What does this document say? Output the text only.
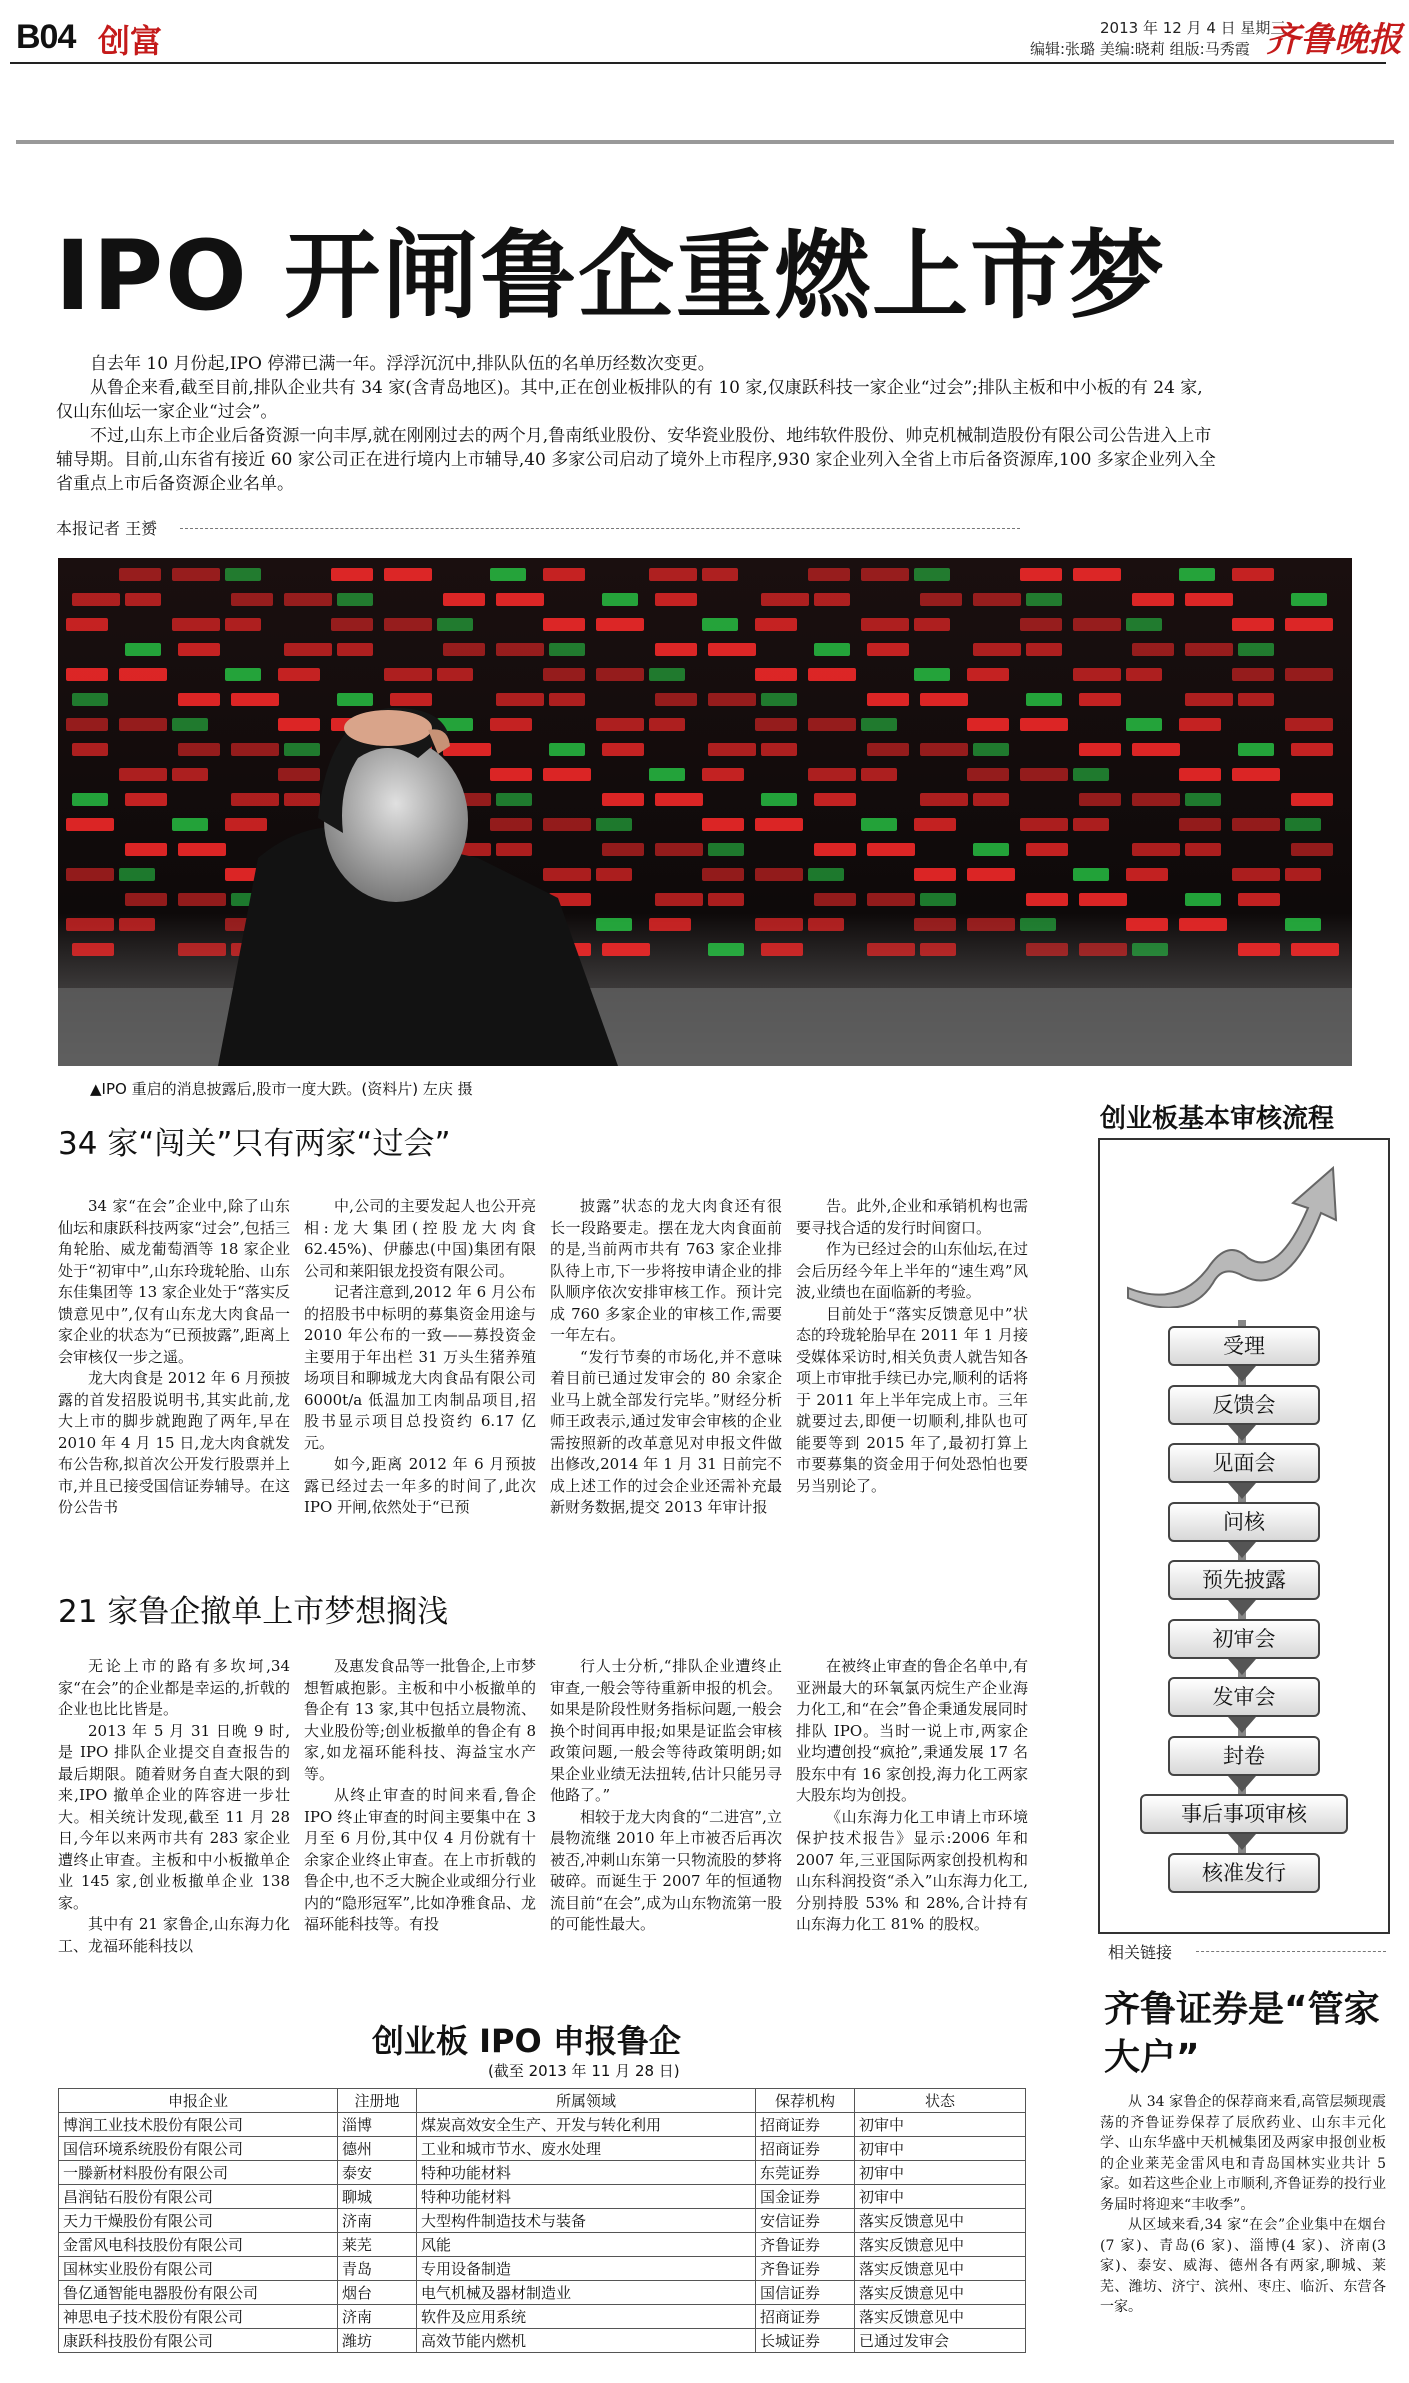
B04 创富	2013 年 12 月 4 日 星期三
编辑:张璐 美编:晓莉 组版:马秀霞 齐鲁晚报
IPO 开闸鲁企重燃上市梦

自去年 10 月份起,IPO 停滞已满一年。浮浮沉沉中,排队队伍的名单历经数次变更。

从鲁企来看,截至目前,排队企业共有 34 家(含青岛地区)。其中,正在创业板排队的有 10 家,仅康跃科技一家企业“过会”;排队主板和中小板的有 24 家,仅山东仙坛一家企业“过会”。

不过,山东上市企业后备资源一向丰厚,就在刚刚过去的两个月,鲁南纸业股份、安华瓷业股份、地纬软件股份、帅克机械制造股份有限公司公告进入上市辅导期。目前,山东省有接近 60 家公司正在进行境内上市辅导,40 多家公司启动了境外上市程序,930 家企业列入全省上市后备资源库,100 多家企业列入全省重点上市后备资源企业名单。

本报记者 王赟
▲IPO 重启的消息披露后,股市一度大跌。(资料片) 左庆 摄
34 家“闯关”只有两家“过会”

34 家“在会”企业中,除了山东仙坛和康跃科技两家“过会”,包括三角轮胎、威龙葡萄酒等 18 家企业处于“初审中”,山东玲珑轮胎、山东东佳集团等 13 家企业处于“落实反馈意见中”,仅有山东龙大肉食品一家企业的状态为“已预披露”,距离上会审核仅一步之遥。

龙大肉食是 2012 年 6 月预披露的首发招股说明书,其实此前,龙大上市的脚步就跑跑了两年,早在 2010 年 4 月 15 日,龙大肉食就发布公告称,拟首次公开发行股票并上市,并且已接受国信证券辅导。在这份公告书

中,公司的主要发起人也公开亮相:龙大集团(控股龙大肉食 62.45%)、伊藤忠(中国)集团有限公司和莱阳银龙投资有限公司。

记者注意到,2012 年 6 月公布的招股书中标明的募集资金用途与 2010 年公布的一致——募投资金主要用于年出栏 31 万头生猪养殖场项目和聊城龙大肉食品有限公司 6000t/a 低温加工肉制品项目,招股书显示项目总投资约 6.17 亿元。

如今,距离 2012 年 6 月预披露已经过去一年多的时间了,此次 IPO 开闸,依然处于“已预

披露”状态的龙大肉食还有很长一段路要走。摆在龙大肉食面前的是,当前两市共有 763 家企业排队待上市,下一步将按申请企业的排队顺序依次安排审核工作。预计完成 760 多家企业的审核工作,需要一年左右。

“发行节奏的市场化,并不意味着目前已通过发审会的 80 余家企业马上就全部发行完毕。”财经分析师王政表示,通过发审会审核的企业需按照新的改革意见对申报文件做出修改,2014 年 1 月 31 日前完不成上述工作的过会企业还需补充最新财务数据,提交 2013 年审计报

告。此外,企业和承销机构也需要寻找合适的发行时间窗口。

作为已经过会的山东仙坛,在过会后历经今年上半年的“速生鸡”风波,业绩也在面临新的考验。

目前处于“落实反馈意见中”状态的玲珑轮胎早在 2011 年 1 月接受媒体采访时,相关负责人就告知各项上市审批手续已办完,顺利的话将于 2011 年上半年完成上市。三年就要过去,即便一切顺利,排队也可能要等到 2015 年了,最初打算上市要募集的资金用于何处恐怕也要另当别论了。

21 家鲁企撤单上市梦想搁浅

无论上市的路有多坎坷,34 家“在会”的企业都是幸运的,折戟的企业也比比皆是。

2013 年 5 月 31 日晚 9 时,是 IPO 排队企业提交自查报告的最后期限。随着财务自查大限的到来,IPO 撤单企业的阵容进一步壮大。相关统计发现,截至 11 月 28 日,今年以来两市共有 283 家企业遭终止审查。主板和中小板撤单企业 145 家,创业板撤单企业 138 家。

其中有 21 家鲁企,山东海力化工、龙福环能科技以

及惠发食品等一批鲁企,上市梦想暂戚抱影。主板和中小板撤单的鲁企有 13 家,其中包括立晨物流、大业股份等;创业板撤单的鲁企有 8 家,如龙福环能科技、海益宝水产等。

从终止审查的时间来看,鲁企 IPO 终止审查的时间主要集中在 3 月至 6 月份,其中仅 4 月份就有十余家企业终止审查。在上市折戟的鲁企中,也不乏大腕企业或细分行业内的“隐形冠军”,比如净雅食品、龙福环能科技等。有投

行人士分析,“排队企业遭终止审查,一般会等待重新申报的机会。如果是阶段性财务指标问题,一般会换个时间再申报;如果是证监会审核政策问题,一般会等待政策明朗;如果企业业绩无法扭转,估计只能另寻他路了。”

相较于龙大肉食的“二进宫”,立晨物流继 2010 年上市被否后再次被否,冲刺山东第一只物流股的梦将破碎。而诞生于 2007 年的恒通物流目前“在会”,成为山东物流第一股的可能性最大。

在被终止审查的鲁企名单中,有亚洲最大的环氧氯丙烷生产企业海力化工,和“在会”鲁企秉通发展同时排队 IPO。当时一说上市,两家企业均遭创投“疯抢”,秉通发展 17 名股东中有 16 家创投,海力化工两家大股东均为创投。

《山东海力化工申请上市环境保护技术报告》显示:2006 年和 2007 年,三亚国际两家创投机构和山东科润投资“杀入”山东海力化工,分别持股 53% 和 28%,合计持有山东海力化工 81% 的股权。

创业板基本审核流程
受理
反馈会
见面会
问核
预先披露
初审会
发审会
封卷
事后事项审核
核准发行
相关链接
齐鲁证券是“管家大户”

从 34 家鲁企的保荐商来看,高管层频现震荡的齐鲁证券保荐了辰欣药业、山东丰元化学、山东华盛中天机械集团及两家申报创业板的企业莱芜金雷风电和青岛国林实业共计 5 家。如若这些企业上市顺利,齐鲁证券的投行业务届时将迎来“丰收季”。

从区域来看,34 家“在会”企业集中在烟台(7 家)、青岛(6 家)、淄博(4 家)、济南(3 家)、泰安、威海、德州各有两家,聊城、莱芜、潍坊、济宁、滨州、枣庄、临沂、东营各一家。

创业板 IPO 申报鲁企
(截至 2013 年 11 月 28 日)
申报企业	注册地	所属领域	保荐机构	状态
博润工业技术股份有限公司	淄博	煤炭高效安全生产、开发与转化利用	招商证券	初审中
国信环境系统股份有限公司	德州	工业和城市节水、废水处理	招商证券	初审中
一滕新材料股份有限公司	泰安	特种功能材料	东莞证券	初审中
昌润钻石股份有限公司	聊城	特种功能材料	国金证券	初审中
天力干燥股份有限公司	济南	大型构件制造技术与装备	安信证券	落实反馈意见中
金雷风电科技股份有限公司	莱芜	风能	齐鲁证券	落实反馈意见中
国林实业股份有限公司	青岛	专用设备制造	齐鲁证券	落实反馈意见中
鲁亿通智能电器股份有限公司	烟台	电气机械及器材制造业	国信证券	落实反馈意见中
神思电子技术股份有限公司	济南	软件及应用系统	招商证券	落实反馈意见中
康跃科技股份有限公司	潍坊	高效节能内燃机	长城证券	已通过发审会
